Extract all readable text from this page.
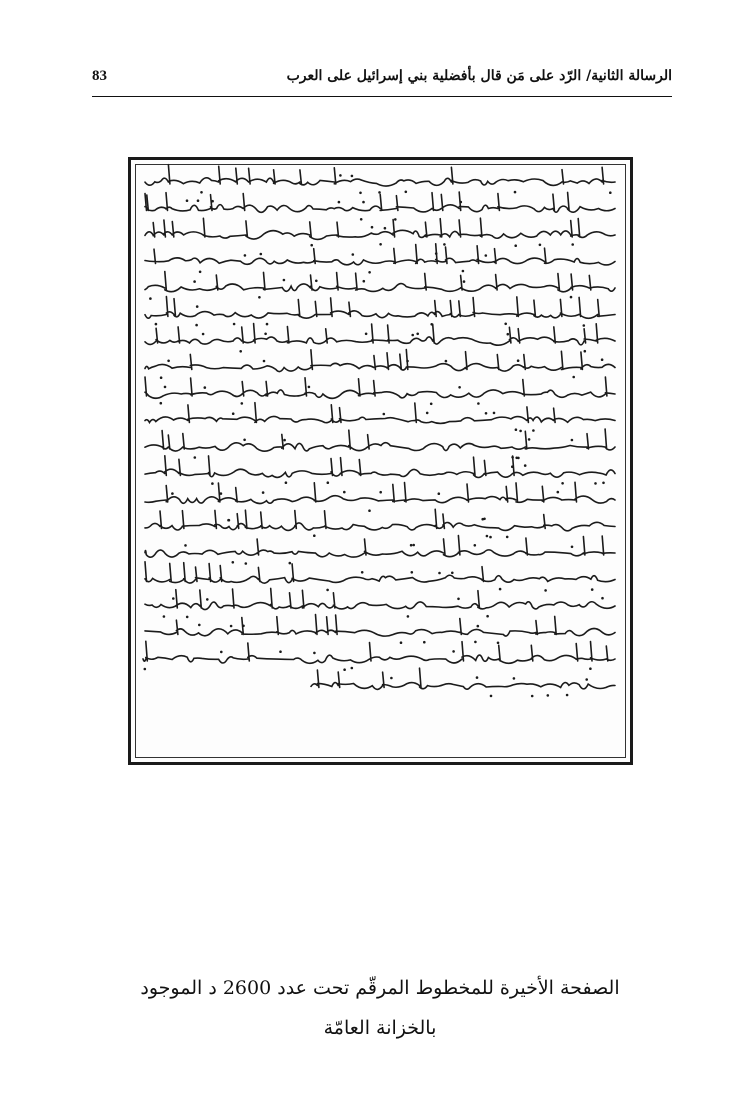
الرسالة الثانية/ الرّد على مَن قال بأفضلية بني إسرائيل على العرب
83
الصفحة الأخيرة للمخطوط المرقّم تحت عدد 2600 د الموجود
بالخزانة العامّة
